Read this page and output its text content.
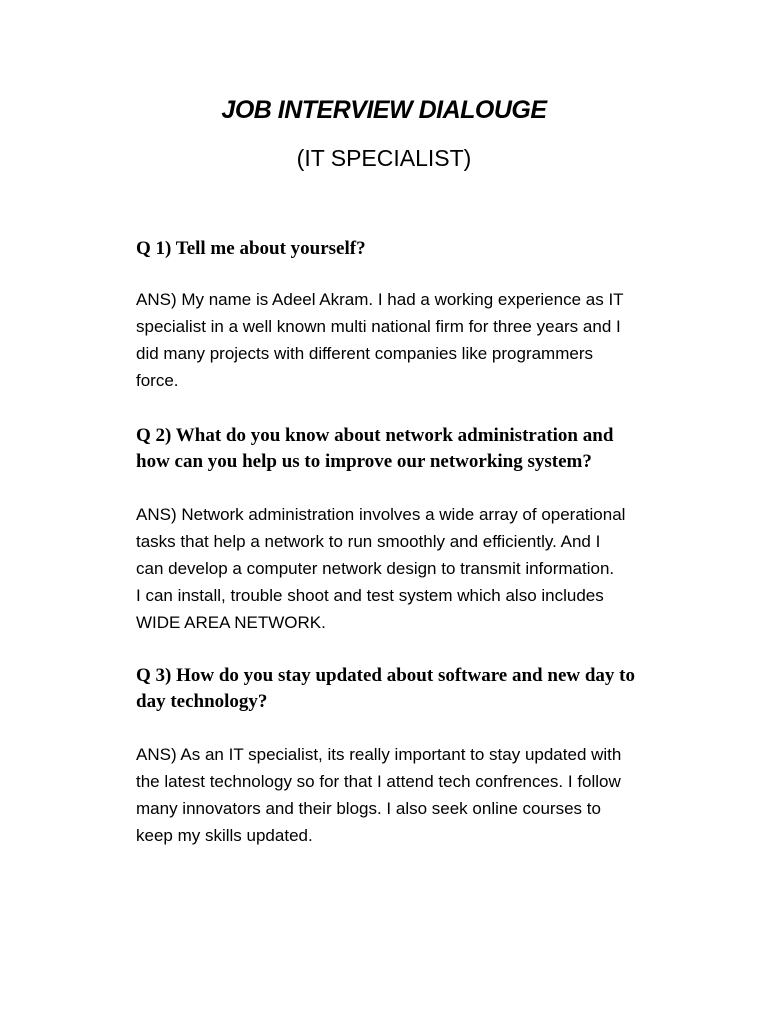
JOB INTERVIEW DIALOUGE
(IT SPECIALIST)
Q 1) Tell me about yourself?
ANS) My name is Adeel Akram. I had a working experience as IT
specialist in a well known multi national firm for three years and I
did many projects with different companies like programmers
force.
Q 2) What do you know about network administration and
how can you help us to improve our networking system?
ANS) Network administration involves a wide array of operational
tasks that help a network to run smoothly and efficiently. And I
can develop a computer network design to transmit information.
I can install, trouble shoot and test system which also includes
WIDE AREA NETWORK.
Q 3) How do you stay updated about software and new day to
day technology?
ANS) As an IT specialist, its really important to stay updated with
the latest technology so for that I attend tech confrences. I follow
many innovators and their blogs. I also seek online courses to
keep my skills updated.
